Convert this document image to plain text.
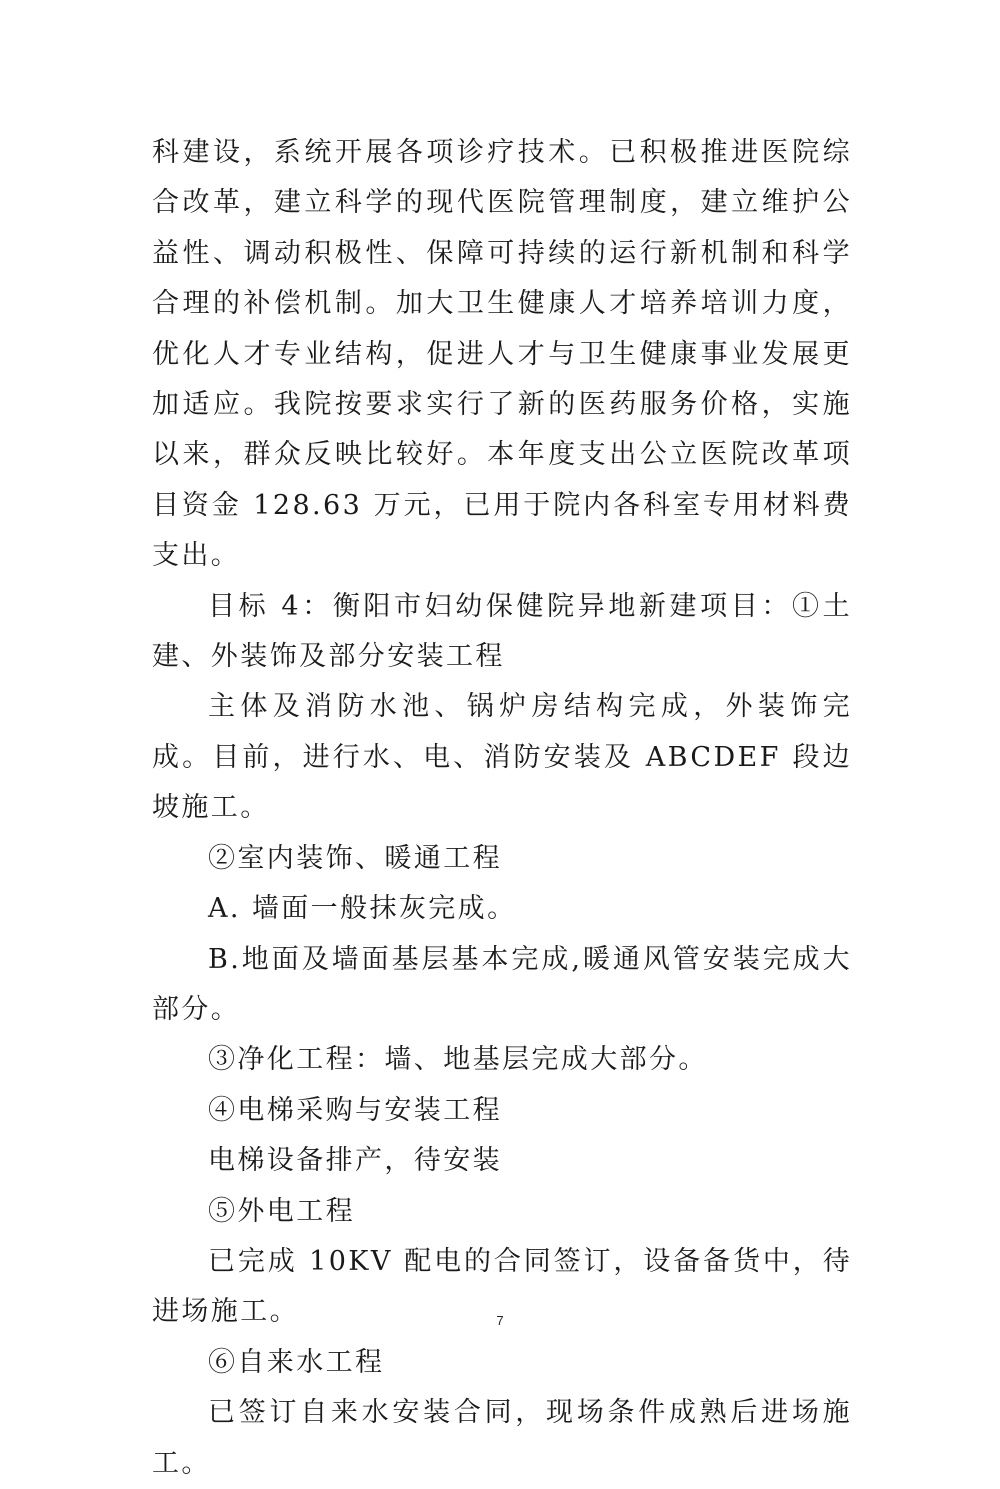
科建设，系统开展各项诊疗技术。已积极推进医院综合改革，建立科学的现代医院管理制度，建立维护公益性、调动积极性、保障可持续的运行新机制和科学合理的补偿机制。加大卫生健康人才培养培训力度，优化人才专业结构，促进人才与卫生健康事业发展更加适应。我院按要求实行了新的医药服务价格，实施以来，群众反映比较好。本年度支出公立医院改革项目资金 128.63 万元，已用于院内各科室专用材料费支出。

目标 4：衡阳市妇幼保健院异地新建项目：①土建、外装饰及部分安装工程

主体及消防水池、锅炉房结构完成，外装饰完成。目前，进行水、电、消防安装及 ABCDEF 段边坡施工。

②室内装饰、暖通工程

A. 墙面一般抹灰完成。

B.地面及墙面基层基本完成,暖通风管安装完成大部分。

③净化工程：墙、地基层完成大部分。

④电梯采购与安装工程

电梯设备排产，待安装

⑤外电工程

已完成 10KV 配电的合同签订，设备备货中，待进场施工。

⑥自来水工程

已签订自来水安装合同，现场条件成熟后进场施工。

7
